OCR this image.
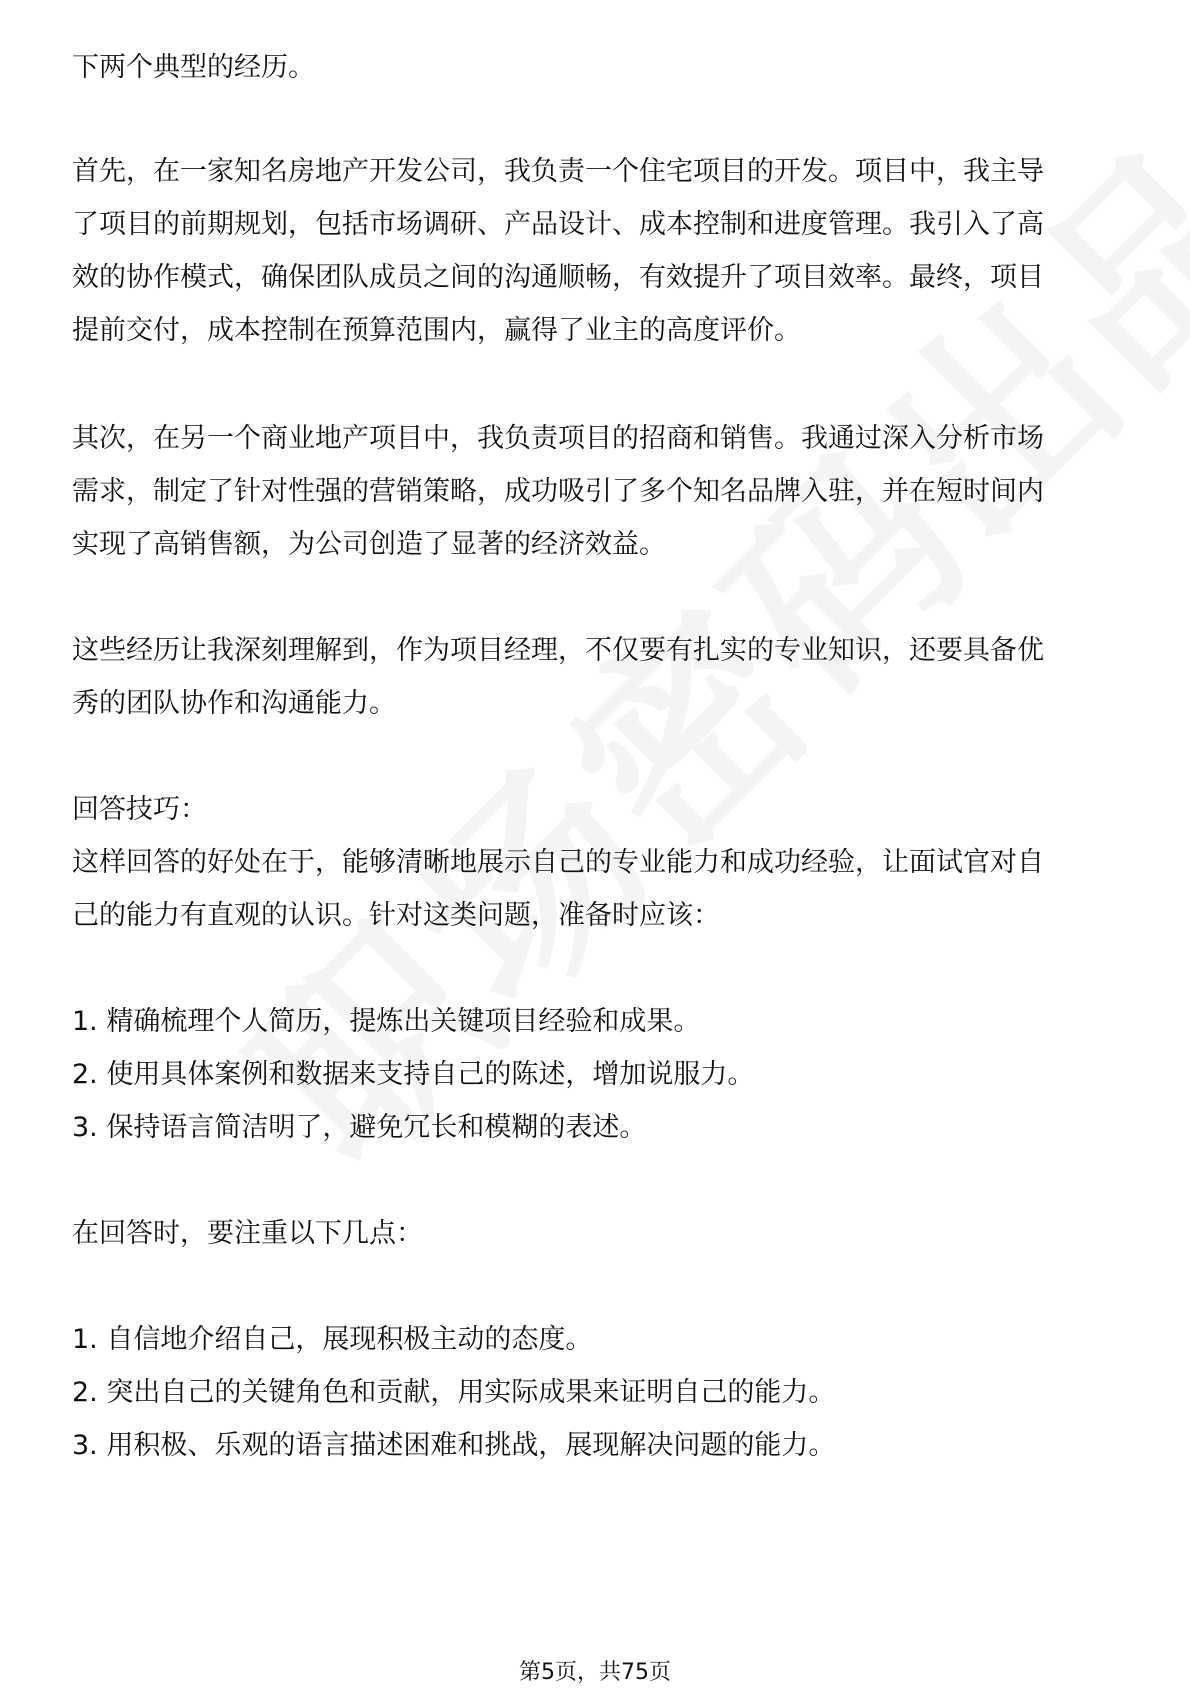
下两个典型的经历。
首先，在一家知名房地产开发公司，我负责一个住宅项目的开发。项目中，我主导
了项目的前期规划，包括市场调研、产品设计、成本控制和进度管理。我引入了高
效的协作模式，确保团队成员之间的沟通顺畅，有效提升了项目效率。最终，项目
提前交付，成本控制在预算范围内，赢得了业主的高度评价。
其次，在另一个商业地产项目中，我负责项目的招商和销售。我通过深入分析市场
需求，制定了针对性强的营销策略，成功吸引了多个知名品牌入驻，并在短时间内
实现了高销售额，为公司创造了显著的经济效益。
这些经历让我深刻理解到，作为项目经理，不仅要有扎实的专业知识，还要具备优
秀的团队协作和沟通能力。
回答技巧：
这样回答的好处在于，能够清晰地展示自己的专业能力和成功经验，让面试官对自
己的能力有直观的认识。针对这类问题，准备时应该：
1. 精确梳理个人简历，提炼出关键项目经验和成果。
2. 使用具体案例和数据来支持自己的陈述，增加说服力。
3. 保持语言简洁明了，避免冗长和模糊的表述。
在回答时，要注重以下几点：
1. 自信地介绍自己，展现积极主动的态度。
2. 突出自己的关键角色和贡献，用实际成果来证明自己的能力。
3. 用积极、乐观的语言描述困难和挑战，展现解决问题的能力。
第5页，共75页
